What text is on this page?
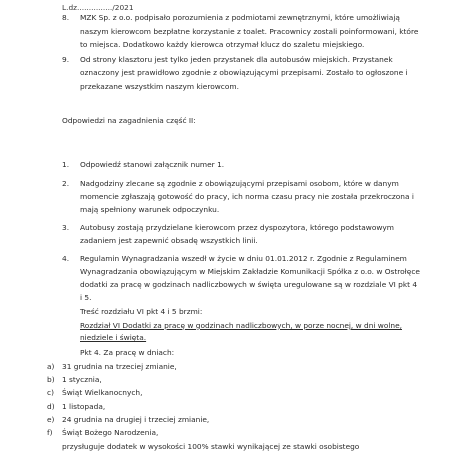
L.dz.............../2021
8. MZK Sp. z o.o. podpisało porozumienia z podmiotami zewnętrznymi, które umożliwiają
naszym kierowcom bezpłatne korzystanie z toalet. Pracownicy zostali poinformowani, które
to miejsca. Dodatkowo każdy kierowca otrzymał klucz do szaletu miejskiego.
9. Od strony klasztoru jest tylko jeden przystanek dla autobusów miejskich. Przystanek
oznaczony jest prawidłowo zgodnie z obowiązującymi przepisami. Zostało to ogłoszone i
przekazane wszystkim naszym kierowcom.
Odpowiedzi na zagadnienia część II:
1. Odpowiedź stanowi załącznik numer 1.
2. Nadgodziny zlecane są zgodnie z obowiązującymi przepisami osobom, które w danym
momencie zgłaszają gotowość do pracy, ich norma czasu pracy nie została przekroczona i
mają spełniony warunek odpoczynku.
3. Autobusy zostają przydzielane kierowcom przez dyspozytora, którego podstawowym
zadaniem jest zapewnić obsadę wszystkich linii.
4. Regulamin Wynagradzania wszedł w życie w dniu 01.01.2012 r. Zgodnie z Regulaminem
Wynagradzania obowiązującym w Miejskim Zakładzie Komunikacji Spółka z o.o. w Ostrołęce
dodatki za pracę w godzinach nadliczbowych w święta uregulowane są w rozdziale VI pkt 4
i 5.
Treść rozdziału VI pkt 4 i 5 brzmi:
Rozdział VI Dodatki za pracę w godzinach nadliczbowych, w porze nocnej, w dni wolne,
niedziele i święta.
Pkt 4. Za pracę w dniach:
a) 31 grudnia na trzeciej zmianie,
b) 1 stycznia,
c) Świąt Wielkanocnych,
d) 1 listopada,
e) 24 grudnia na drugiej i trzeciej zmianie,
f) Świąt Bożego Narodzenia,
przysługuje dodatek w wysokości 100% stawki wynikającej ze stawki osobistego
